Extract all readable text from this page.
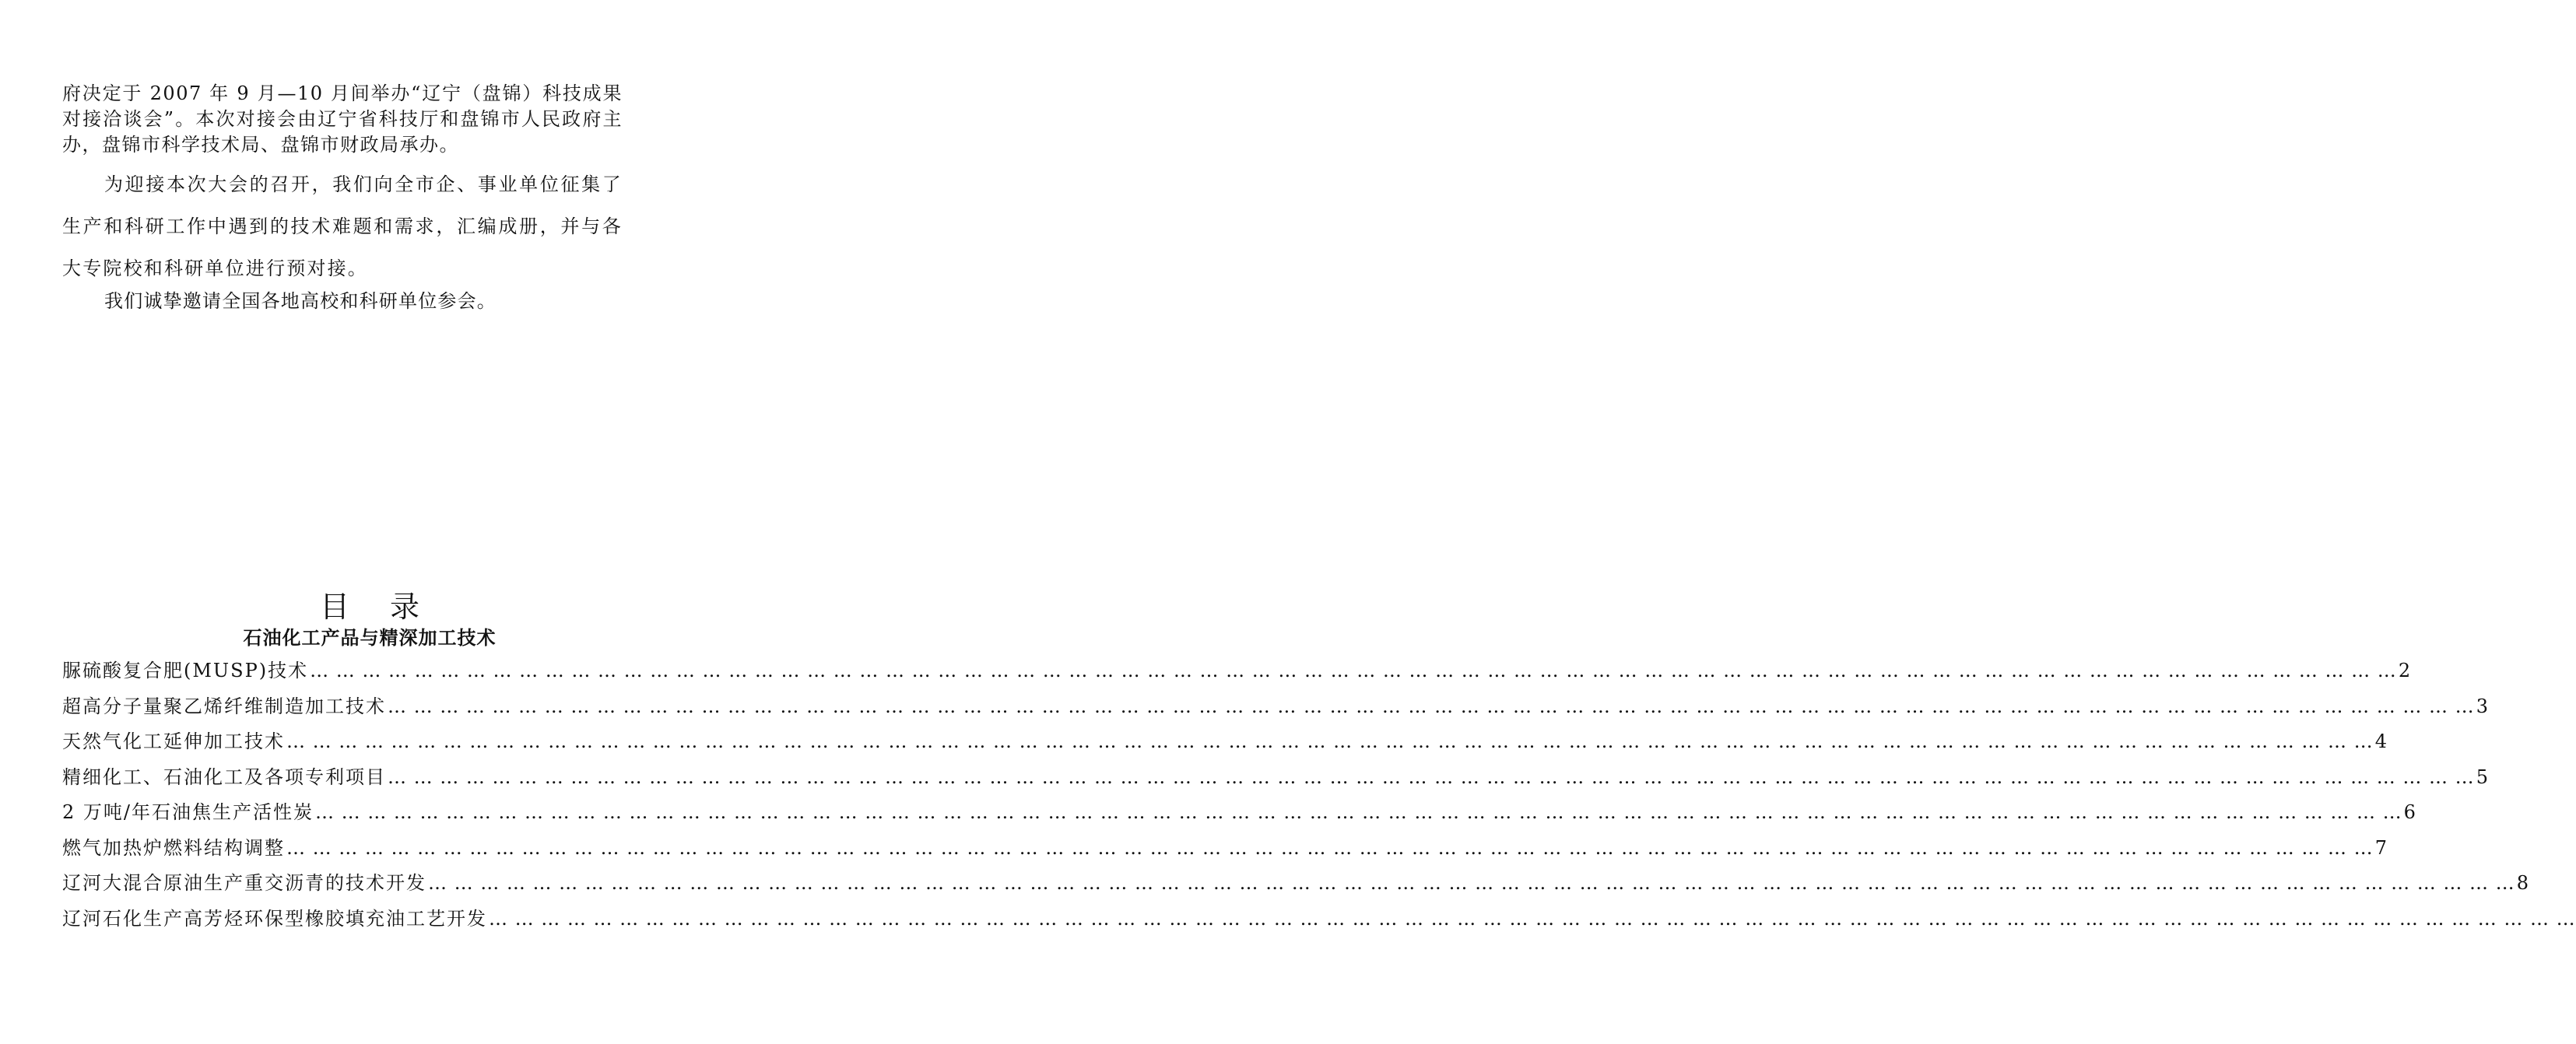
府决定于 2007 年 9 月—10 月间举办“辽宁（盘锦）科技成果对接洽谈会”。本次对接会由辽宁省科技厅和盘锦市人民政府主办，盘锦市科学技术局、盘锦市财政局承办。

为迎接本次大会的召开，我们向全市企、事业单位征集了生产和科研工作中遇到的技术难题和需求，汇编成册，并与各大专院校和科研单位进行预对接。

我们诚挚邀请全国各地高校和科研单位参会。

目录
石油化工产品与精深加工技术
脲硫酸复合肥(MUSP)技术 … … … … … … … … … … … … … … … … … … … … … … … … … … … … … … … … … … … … … … … … … … … … … … … … … … … … … … … … … … … … … … … … … … … … … … … … … … … … … … … … 2
超高分子量聚乙烯纤维制造加工技术 … … … … … … … … … … … … … … … … … … … … … … … … … … … … … … … … … … … … … … … … … … … … … … … … … … … … … … … … … … … … … … … … … … … … … … … … … … … … … … … … 3
天然气化工延伸加工技术 … … … … … … … … … … … … … … … … … … … … … … … … … … … … … … … … … … … … … … … … … … … … … … … … … … … … … … … … … … … … … … … … … … … … … … … … … … … … … … … … 4
精细化工、石油化工及各项专利项目 … … … … … … … … … … … … … … … … … … … … … … … … … … … … … … … … … … … … … … … … … … … … … … … … … … … … … … … … … … … … … … … … … … … … … … … … … … … … … … … … 5
2 万吨/年石油焦生产活性炭 … … … … … … … … … … … … … … … … … … … … … … … … … … … … … … … … … … … … … … … … … … … … … … … … … … … … … … … … … … … … … … … … … … … … … … … … … … … … … … … … 6
燃气加热炉燃料结构调整 … … … … … … … … … … … … … … … … … … … … … … … … … … … … … … … … … … … … … … … … … … … … … … … … … … … … … … … … … … … … … … … … … … … … … … … … … … … … … … … … 7
辽河大混合原油生产重交沥青的技术开发 … … … … … … … … … … … … … … … … … … … … … … … … … … … … … … … … … … … … … … … … … … … … … … … … … … … … … … … … … … … … … … … … … … … … … … … … … … … … … … … … 8
辽河石化生产高芳烃环保型橡胶填充油工艺开发 … … … … … … … … … … … … … … … … … … … … … … … … … … … … … … … … … … … … … … … … … … … … … … … … … … … … … … … … … … … … … … … … … … … … … … … … … … … … … … … …
